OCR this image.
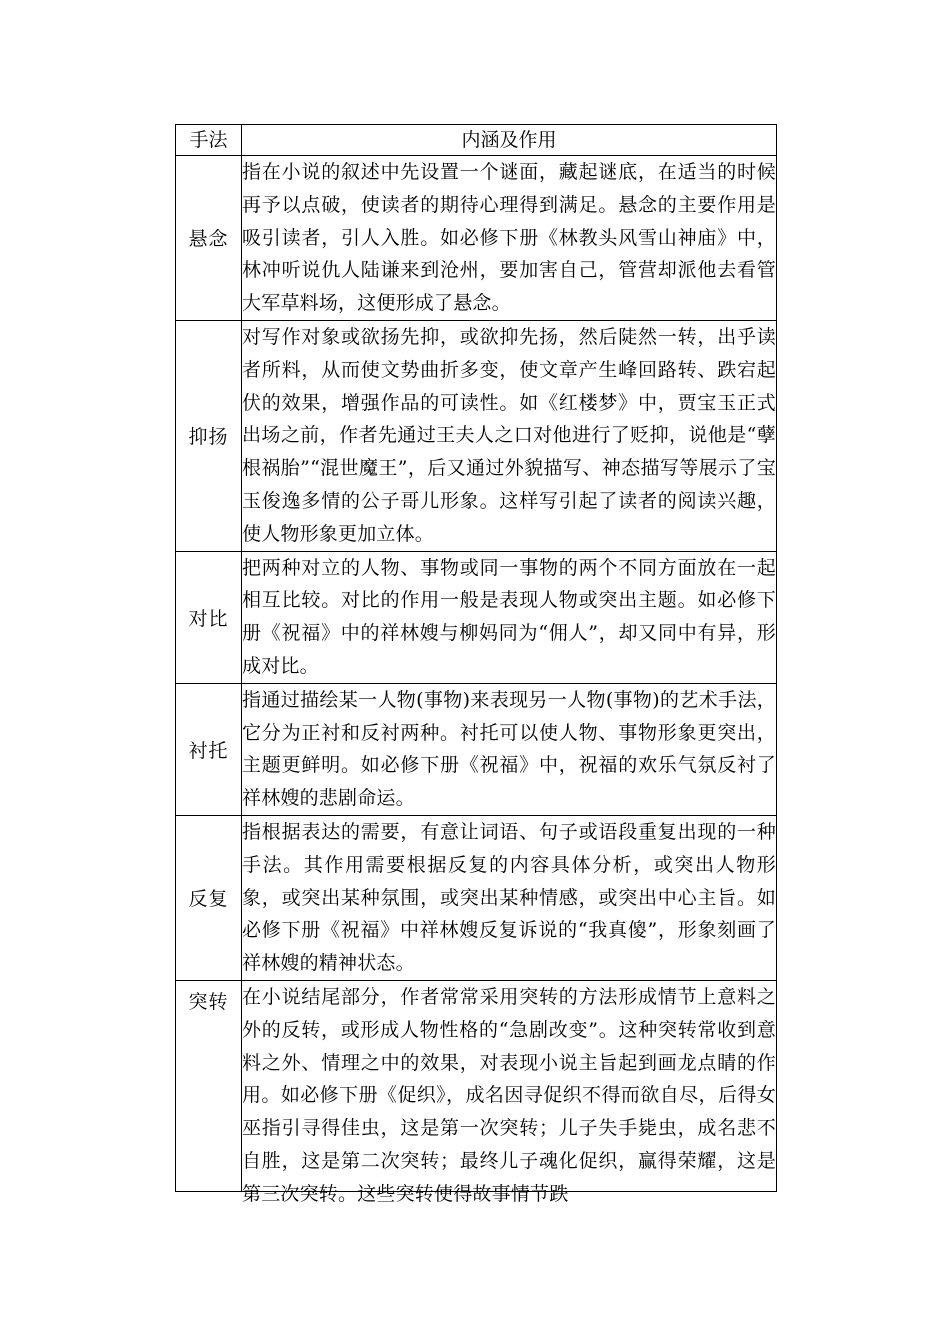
手法	内涵及作用
悬念	指在小说的叙述中先设置一个谜面，藏起谜底，在适当的时候再予以点破，使读者的期待心理得到满足。悬念的主要作用是吸引读者，引人入胜。如必修下册《林教头风雪山神庙》中，林冲听说仇人陆谦来到沧州，要加害自己，管营却派他去看管大军草料场，这便形成了悬念。
抑扬	对写作对象或欲扬先抑，或欲抑先扬，然后陡然一转，出乎读者所料，从而使文势曲折多变，使文章产生峰回路转、跌宕起伏的效果，增强作品的可读性。如《红楼梦》中，贾宝玉正式出场之前，作者先通过王夫人之口对他进行了贬抑，说他是“孽根祸胎”“混世魔王”，后又通过外貌描写、神态描写等展示了宝玉俊逸多情的公子哥儿形象。这样写引起了读者的阅读兴趣，使人物形象更加立体。
对比	把两种对立的人物、事物或同一事物的两个不同方面放在一起相互比较。对比的作用一般是表现人物或突出主题。如必修下册《祝福》中的祥林嫂与柳妈同为“佣人”，却又同中有异，形成对比。
衬托	指通过描绘某一人物(事物)来表现另一人物(事物)的艺术手法，它分为正衬和反衬两种。衬托可以使人物、事物形象更突出，主题更鲜明。如必修下册《祝福》中，祝福的欢乐气氛反衬了祥林嫂的悲剧命运。
反复	指根据表达的需要，有意让词语、句子或语段重复出现的一种手法。其作用需要根据反复的内容具体分析，或突出人物形象，或突出某种氛围，或突出某种情感，或突出中心主旨。如必修下册《祝福》中祥林嫂反复诉说的“我真傻”，形象刻画了祥林嫂的精神状态。
突转	在小说结尾部分，作者常常采用突转的方法形成情节上意料之外的反转，或形成人物性格的“急剧改变”。这种突转常收到意料之外、情理之中的效果，对表现小说主旨起到画龙点睛的作用。如必修下册《促织》，成名因寻促织不得而欲自尽，后得女巫指引寻得佳虫，这是第一次突转；儿子失手毙虫，成名悲不自胜，这是第二次突转；最终儿子魂化促织，赢得荣耀，这是第三次突转。这些突转使得故事情节跌
